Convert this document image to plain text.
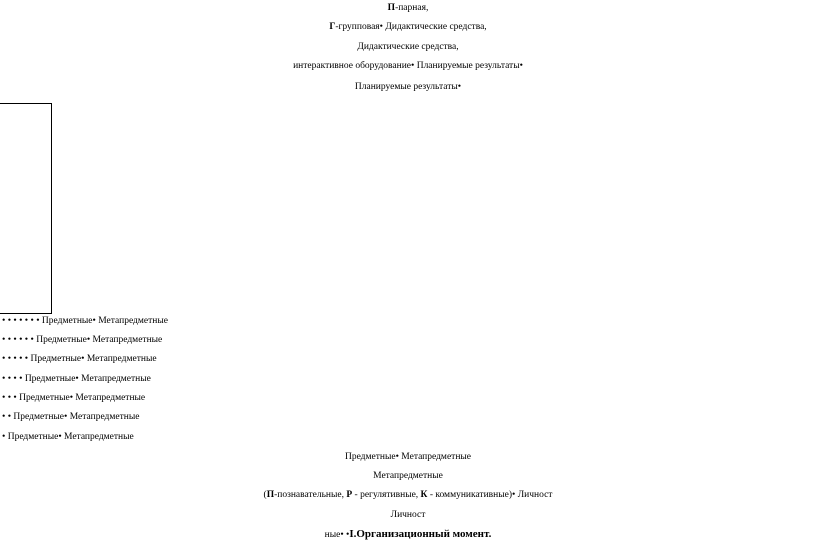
П-парная,
Г-групповая• Дидактические средства,
Дидактические средства,
интерактивное оборудование• Планируемые результаты•
Планируемые результаты•
• • • • • • • Предметные• Метапредметные
• • • • • • Предметные• Метапредметные
• • • • • Предметные• Метапредметные
• • • • Предметные• Метапредметные
• • • Предметные• Метапредметные
• • Предметные• Метапредметные
• Предметные• Метапредметные
Предметные• Метапредметные
Метапредметные
(П-познавательные, Р - регулятивные, К - коммуникативные)• Личност
Личност
ные• •I.Организационный момент.
